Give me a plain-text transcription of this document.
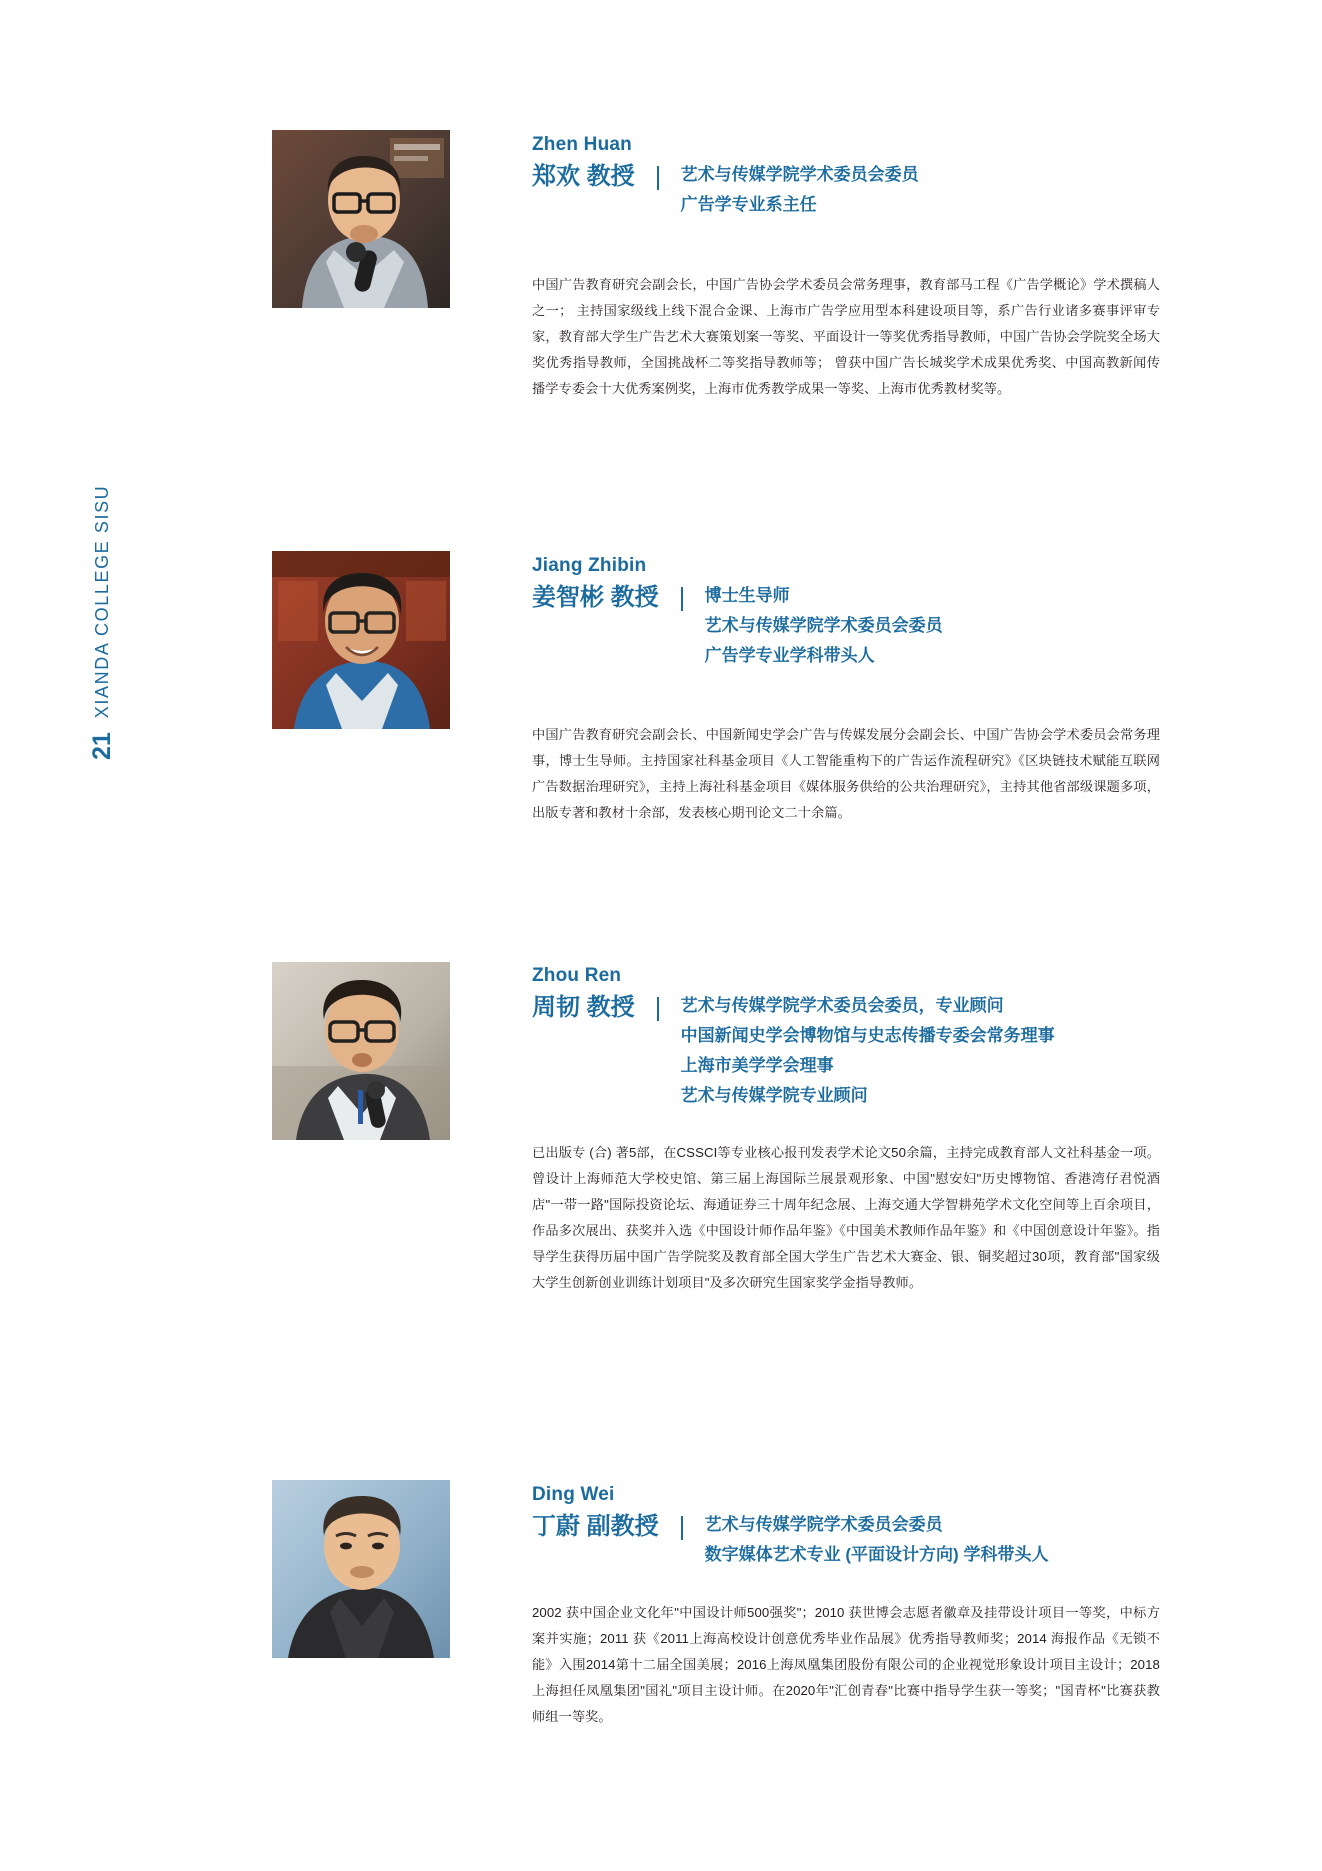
21
XIANDA COLLEGE SISU
Zhen Huan
郑欢 教授	艺术与传媒学院学术委员会委员
广告学专业系主任
中国广告教育研究会副会长，中国广告协会学术委员会常务理事，教育部马工程《广告学概论》学术撰稿人之一； 主持国家级线上线下混合金课、上海市广告学应用型本科建设项目等，系广告行业诸多赛事评审专家，教育部大学生广告艺术大赛策划案一等奖、平面设计一等奖优秀指导教师，中国广告协会学院奖全场大奖优秀指导教师，全国挑战杯二等奖指导教师等； 曾获中国广告长城奖学术成果优秀奖、中国高教新闻传播学专委会十大优秀案例奖，上海市优秀教学成果一等奖、上海市优秀教材奖等。
Jiang Zhibin
姜智彬 教授	博士生导师
艺术与传媒学院学术委员会委员
广告学专业学科带头人
中国广告教育研究会副会长、中国新闻史学会广告与传媒发展分会副会长、中国广告协会学术委员会常务理事，博士生导师。主持国家社科基金项目《人工智能重构下的广告运作流程研究》《区块链技术赋能互联网广告数据治理研究》，主持上海社科基金项目《媒体服务供给的公共治理研究》，主持其他省部级课题多项，出版专著和教材十余部，发表核心期刊论文二十余篇。
Zhou Ren
周韧 教授	艺术与传媒学院学术委员会委员，专业顾问
中国新闻史学会博物馆与史志传播专委会常务理事
上海市美学学会理事
艺术与传媒学院专业顾问
已出版专 (合) 著5部，在CSSCI等专业核心报刊发表学术论文50余篇，主持完成教育部人文社科基金一项。曾设计上海师范大学校史馆、第三届上海国际兰展景观形象、中国"慰安妇"历史博物馆、香港湾仔君悦酒店"一带一路"国际投资论坛、海通证券三十周年纪念展、上海交通大学智耕苑学术文化空间等上百余项目，作品多次展出、获奖并入选《中国设计师作品年鉴》《中国美术教师作品年鉴》和《中国创意设计年鉴》。指导学生获得历届中国广告学院奖及教育部全国大学生广告艺术大赛金、银、铜奖超过30项，教育部"国家级大学生创新创业训练计划项目"及多次研究生国家奖学金指导教师。
Ding Wei
丁蔚 副教授	艺术与传媒学院学术委员会委员
数字媒体艺术专业 (平面设计方向) 学科带头人
2002 获中国企业文化年"中国设计师500强奖"；2010 获世博会志愿者徽章及挂带设计项目一等奖，中标方案并实施；2011 获《2011上海高校设计创意优秀毕业作品展》优秀指导教师奖；2014 海报作品《无锁不能》入围2014第十二届全国美展；2016上海凤凰集团股份有限公司的企业视觉形象设计项目主设计；2018上海担任凤凰集团"国礼"项目主设计师。在2020年"汇创青春"比赛中指导学生获一等奖；"国青杯"比赛获教师组一等奖。
